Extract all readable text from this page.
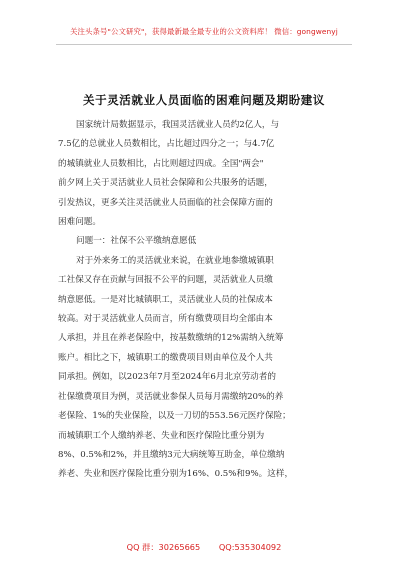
关注头条号"公文研究"，获得最新最全最专业的公文资料库！ 微信：gongwenyj
关于灵活就业人员面临的困难问题及期盼建议
国家统计局数据显示，我国灵活就业人员约2亿人，与
7.5亿的总就业人员数相比，占比超过四分之一；与4.7亿
的城镇就业人员数相比，占比则超过四成。全国"两会"
前夕网上关于灵活就业人员社会保障和公共服务的话题，
引发热议，更多关注灵活就业人员面临的社会保障方面的
困难问题。
问题一：社保不公平缴纳意愿低
对于外来务工的灵活就业来说，在就业地参缴城镇职
工社保又存在贡献与回报不公平的问题，灵活就业人员缴
纳意愿低。一是对比城镇职工，灵活就业人员的社保成本
较高。对于灵活就业人员而言，所有缴费项目均全部由本
人承担，并且在养老保险中，按基数缴纳的12%需纳入统筹
账户。相比之下，城镇职工的缴费项目则由单位及个人共
同承担。例如，以2023年7月至2024年6月北京劳动者的
社保缴费项目为例，灵活就业参保人员每月需缴纳20%的养
老保险、1%的失业保险，以及一刀切的553.56元医疗保险；
而城镇职工个人缴纳养老、失业和医疗保险比重分别为
8%、0.5%和2%，并且缴纳3元大病统筹互助金，单位缴纳
养老、失业和医疗保险比重分别为16%、0.5%和9%。这样，
QQ 群：30265665 QQ:535304092
